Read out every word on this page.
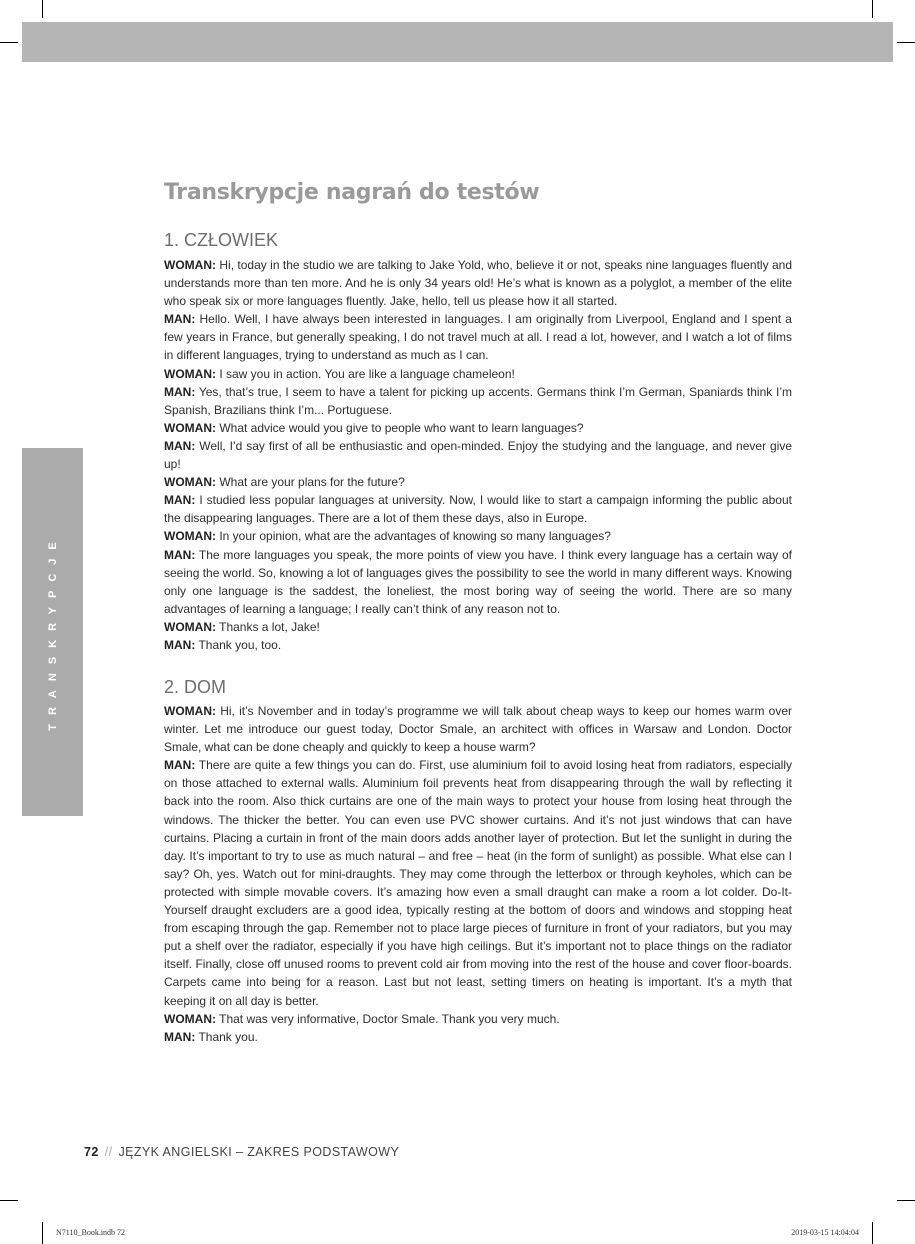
TRANSKRYPCJE
Transkrypcje nagrań do testów
1. CZŁOWIEK

WOMAN: Hi, today in the studio we are talking to Jake Yold, who, believe it or not, speaks nine languages fluently and understands more than ten more. And he is only 34 years old! He’s what is known as a polyglot, a member of the elite who speak six or more languages fluently. Jake, hello, tell us please how it all started.

MAN: Hello. Well, I have always been interested in languages. I am originally from Liverpool, England and I spent a few years in France, but generally speaking, I do not travel much at all. I read a lot, however, and I watch a lot of films in different languages, trying to understand as much as I can.

WOMAN: I saw you in action. You are like a language chameleon!

MAN: Yes, that’s true, I seem to have a talent for picking up accents. Germans think I’m German, Spaniards think I’m Spanish, Brazilians think I’m... Portuguese.

WOMAN: What advice would you give to people who want to learn languages?

MAN: Well, I’d say first of all be enthusiastic and open-minded. Enjoy the studying and the language, and never give up!

WOMAN: What are your plans for the future?

MAN: I studied less popular languages at university. Now, I would like to start a campaign informing the public about the disappearing languages. There are a lot of them these days, also in Europe.

WOMAN: In your opinion, what are the advantages of knowing so many languages?

MAN: The more languages you speak, the more points of view you have. I think every language has a certain way of seeing the world. So, knowing a lot of languages gives the possibility to see the world in many different ways. Knowing only one language is the saddest, the loneliest, the most boring way of seeing the world. There are so many advantages of learning a language; I really can’t think of any reason not to.

WOMAN: Thanks a lot, Jake!

MAN: Thank you, too.

2. DOM

WOMAN: Hi, it’s November and in today’s programme we will talk about cheap ways to keep our homes warm over winter. Let me introduce our guest today, Doctor Smale, an architect with offices in Warsaw and London. Doctor Smale, what can be done cheaply and quickly to keep a house warm?

MAN: There are quite a few things you can do. First, use aluminium foil to avoid losing heat from radiators, especially on those attached to external walls. Aluminium foil prevents heat from disappearing through the wall by reflecting it back into the room. Also thick curtains are one of the main ways to protect your house from losing heat through the windows. The thicker the better. You can even use PVC shower curtains. And it’s not just windows that can have curtains. Placing a curtain in front of the main doors adds another layer of protection. But let the sunlight in during the day. It’s important to try to use as much natural – and free – heat (in the form of sunlight) as possible. What else can I say? Oh, yes. Watch out for mini-draughts. They may come through the letterbox or through keyholes, which can be protected with simple movable covers. It’s amazing how even a small draught can make a room a lot colder. Do-It-Yourself draught excluders are a good idea, typically resting at the bottom of doors and windows and stopping heat from escaping through the gap. Remember not to place large pieces of furniture in front of your radiators, but you may put a shelf over the radiator, especially if you have high ceilings. But it’s important not to place things on the radiator itself. Finally, close off unused rooms to prevent cold air from moving into the rest of the house and cover floor-boards. Carpets came into being for a reason. Last but not least, setting timers on heating is important. It’s a myth that keeping it on all day is better.

WOMAN: That was very informative, Doctor Smale. Thank you very much.

MAN: Thank you.

72 // JĘZYK ANGIELSKI – ZAKRES PODSTAWOWY
N7110_Book.indb 72	2019-03-15 14:04:04
